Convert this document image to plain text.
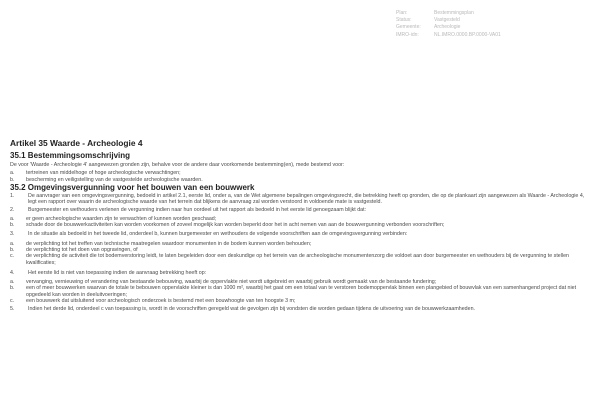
Plan:	Bestemmingsplan
Status:	Vastgesteld
Gemeente:	Archeologie
IMRO-idn:	NL.IMRO.0000.BP.0000-VA01
Artikel 35 Waarde - Archeologie 4
35.1 Bestemmingsomschrijving

De voor 'Waarde - Archeologie 4' aangewezen gronden zijn, behalve voor de andere daar voorkomende bestemming(en), mede bestemd voor:

a.	tertreinen van middelhoge of hoge archeologische verwachtingen;
b.	bescherming en veiligstelling van de vastgestelde archeologische waarden.
35.2 Omgevingsvergunning voor het bouwen van een bouwwerk
1.	De aanvrager van een omgevingsvergunning, bedoeld in artikel 2.1, eerste lid, onder a, van de Wet algemene bepalingen omgevingsrecht, die betrekking heeft op gronden, die op de plankaart zijn aangewezen als Waarde - Archeologie 4, legt een rapport over waarin de archeologische waarde van het terrein dat blijkens de aanvraag zal worden verstoord in voldoende mate is vastgesteld.
2.	Burgemeester en wethouders verlenen de vergunning indien naar hun oordeel uit het rapport als bedoeld in het eerste lid genoegzaam blijkt dat:
a.	er geen archeologische waarden zijn te verwachten of kunnen worden geschaad;
b.	schade door de bouwwerkactiviteiten kan worden voorkomen of zoveel mogelijk kan worden beperkt door het in acht nemen van aan de bouwvergunning verbonden voorschriften;
3.	In de situatie als bedoeld in het tweede lid, onderdeel b, kunnen burgemeester en wethouders de volgende voorschriften aan de omgevingsvergunning verbinden:
a.	de verplichting tot het treffen van technische maatregelen waardoor monumenten in de bodem kunnen worden behouden;
b.	de verplichting tot het doen van opgravingen, of
c.	de verplichting de activiteit die tot bodemverstoring leidt, te laten begeleiden door een deskundige op het terrein van de archeologische monumentenzorg die voldoet aan door burgemeester en wethouders bij de vergunning te stellen kwalificaties;
4.	Het eerste lid is niet van toepassing indien de aanvraag betrekking heeft op:
a.	vervanging, vernieuwing of verandering van bestaande bebouwing, waarbij de oppervlakte niet wordt uitgebreid en waarbij gebruik wordt gemaakt van de bestaande fundering;
b.	een of meer bouwwerken waarvan de totale te bebouwen oppervlakte kleiner is dan 1000 m², waarbij het gaat om een totaal van te verstoren bodemoppervlak binnen een plangebied of bouwvlak van een samenhangend project dat niet opgedeeld kan worden in deeluitvoeringen;
c.	een bouwwerk dat uitsluitend voor archeologisch onderzoek is bestemd met een bouwhoogte van ten hoogste 3 m;
5.	Indien het derde lid, onderdeel c van toepassing is, wordt in de voorschriften geregeld wat de gevolgen zijn bij vondsten die worden gedaan tijdens de uitvoering van de bouwwerkzaamheden.
